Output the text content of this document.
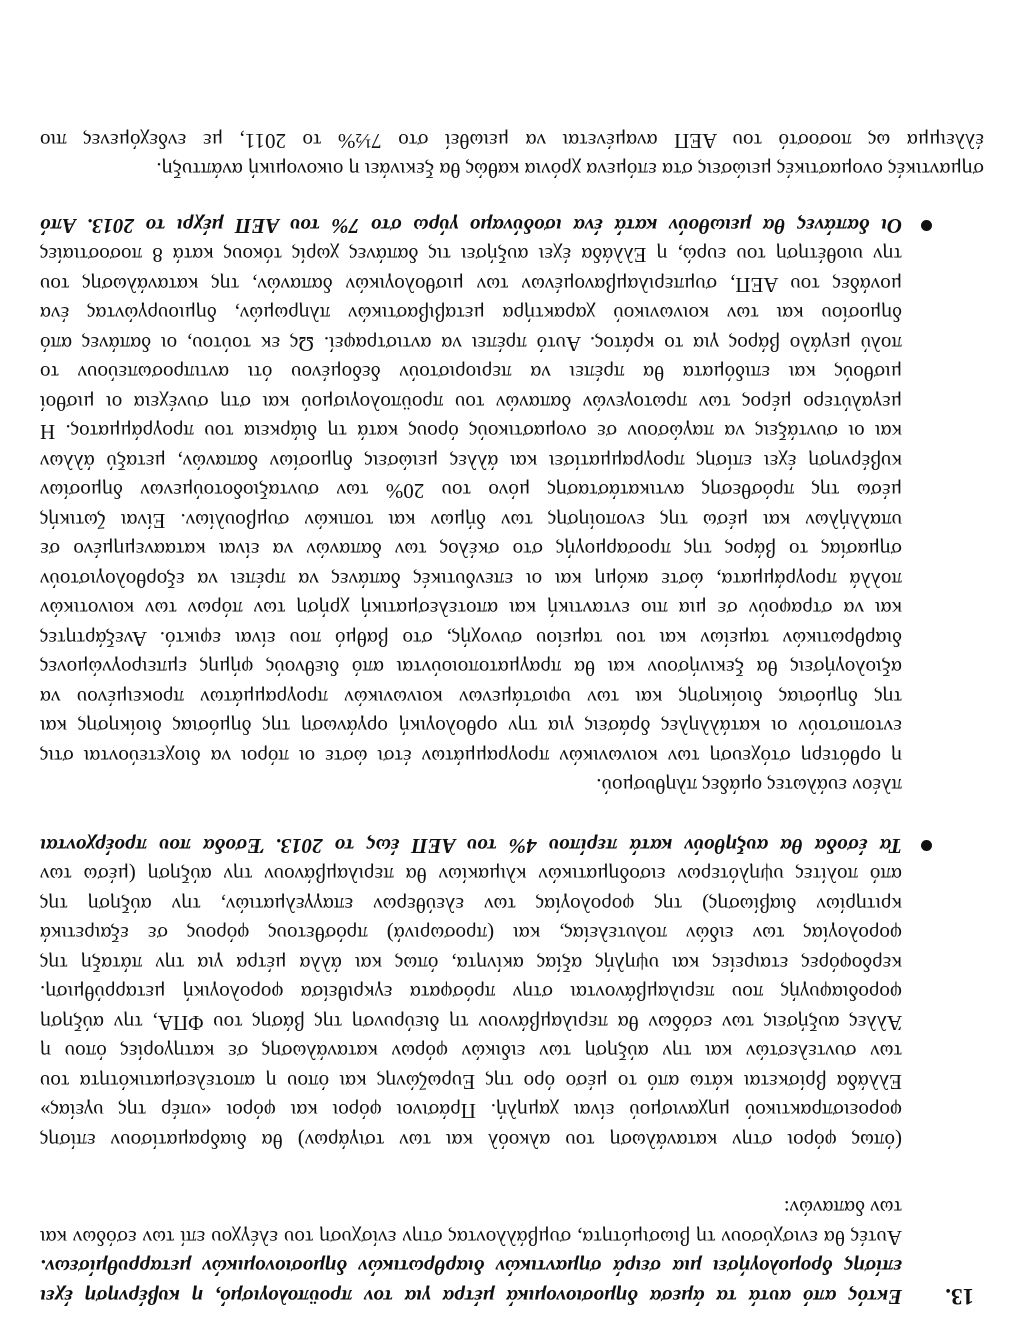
13.

Εκτός από αυτά τα άμεσα δημοσιονομικά μέτρα για τον προϋπολογισμό, η κυβέρνηση έχει

επίσης δρομολογήσει μια σειρά σημαντικών διαρθρωτικών δημοσιονομικών μεταρρυθμίσεων.

Αυτές θα ενισχύσουν τη βιωσιμότητα, συμβάλλοντας στην ενίσχυση του ελέγχου επί των εσόδων και

των δαπανών:

(όπως φόροι στην κατανάλωση του αλκοόλ και των τσιγάρων) θα διαδραματίσουν επίσης

φοροεισπρακτικού μηχανισμού είναι χαμηλή. Πράσινοι φόροι και φόροι «υπέρ της υγείας»

Ελλάδα βρίσκεται κάτω από το μέσο όρο της Ευρωζώνης και όπου η αποτελεσματικότητα του

των συντελεστών και την αύξηση των ειδικών φόρων κατανάλωσης σε κατηγορίες όπου η

Άλλες αυξήσεις των εσόδων θα περιλαμβάνουν τη διεύρυνση της βάσης του ΦΠΑ, την αύξηση

φοροδιαφυγής που περιλαμβάνονται στην πρόσφατα εγκριθείσα φορολογική μεταρρύθμιση.

κερδοφόρες εταιρείες και υψηλής αξίας ακίνητα, όπως και άλλα μέτρα για την πάταξη της

φορολογίας των ειδών πολυτελείας, και (προσωρινά) πρόσθετους φόρους σε εξαιρετικά

κριτηρίων διαβίωσης) της φορολογίας των ελεύθερων επαγγελματιών, την αύξηση της

από πολίτες υψηλότερων εισοδηματικών κλιμακίων θα περιλαμβάνουν την αύξηση (μέσω των

Τα έσοδα θα αυξηθούν κατά περίπου 4% του ΑΕΠ έως το 2013. Έσοδα που προέρχονται

πλέον ευάλωτες ομάδες πληθυσμού.

η ορθότερη στόχευση των κοινωνικών προγραμμάτων έτσι ώστε οι πόροι να διοχετεύονται στις

εντοπιστούν οι κατάλληλες δράσεις για την ορθολογική οργάνωση της δημόσιας διοίκησης και

της δημόσιας διοίκησης και των υφιστάμενων κοινωνικών προγραμμάτων προκειμένου να

αξιολογήσεις θα ξεκινήσουν και θα πραγματοποιούνται από διεθνούς φήμης εμπειρογνώμονες

διαρθρωτικών ταμείων και του ταμείου συνοχής, στο βαθμό που είναι εφικτό. Ανεξάρτητες

και να στραφούν σε μια πιο ενταντική και αποτελεσματική χρήση των πόρων των κοινοτικών

πολλά προγράμματα, ώστε ακόμη και οι επενδυτικές δαπάνες να πρέπει να εξορθολογιστούν

σημασίας το βάρος της προσαρμογής στο σκέλος των δαπανών να είναι καταανεμημένο σε

υπαλλήλων και μέσω της ενοποίησης των δήμων και τοπικών συμβουλίων. Είναι ζωτικής

μέσω της πρόσθεσης αντικατάστασης μόνο του 20% των συνταξιοδοτούμενων δημοσίων

κυβέρνηση έχει επίσης προγραμματίσει και άλλες μειώσεις δημοσίων δαπανών, μεταξύ άλλων

και οι συντάξεις να παγώσουν σε ονομαστικούς όρους κατά τη διάρκεια του προγράμματος. Η

μεγαλύτερο μέρος των πρωτογενών δαπανών του προϋπολογισμού και στη συνέχεια οι μισθοί

μισθούς και επιδόματα θα πρέπει να περιοριστούν δεδομένου ότι αντιπροσωπεύουν το

πολύ μεγάλο βάρος για το κράτος. Αυτό πρέπει να αντιστραφεί. Ως εκ τούτου, οι δαπάνες από

δημοσίου και των κοινωνικού χαρακτήρα μεταβιβαστικών πληρωμών, δημιουργώντας ένα

μονάδες του ΑΕΠ, συμπεριλαμβανομένων των μισθολογικών δαπανών, της κατανάλωσης του

την υιοθέτηση του ευρώ, η Ελλάδα έχει αυξήσει τις δαπάνες χωρίς τόκους κατά 8 ποσοστιαίες

Οι δαπάνες θα μειωθούν κατά ένα ισοδύναμο γύρω στο 7% του ΑΕΠ μέχρι το 2013. Από

σημαντικές ονομαστικές μειώσεις στα επόμενα χρόνια καθώς θα ξεκινάει η οικονομική ανάπτυξη.

έλλειμμα ως ποσοστό του ΑΕΠ αναμένεται να μειωθεί στο 7½% το 2011, με ενδεχόμενες πιο
